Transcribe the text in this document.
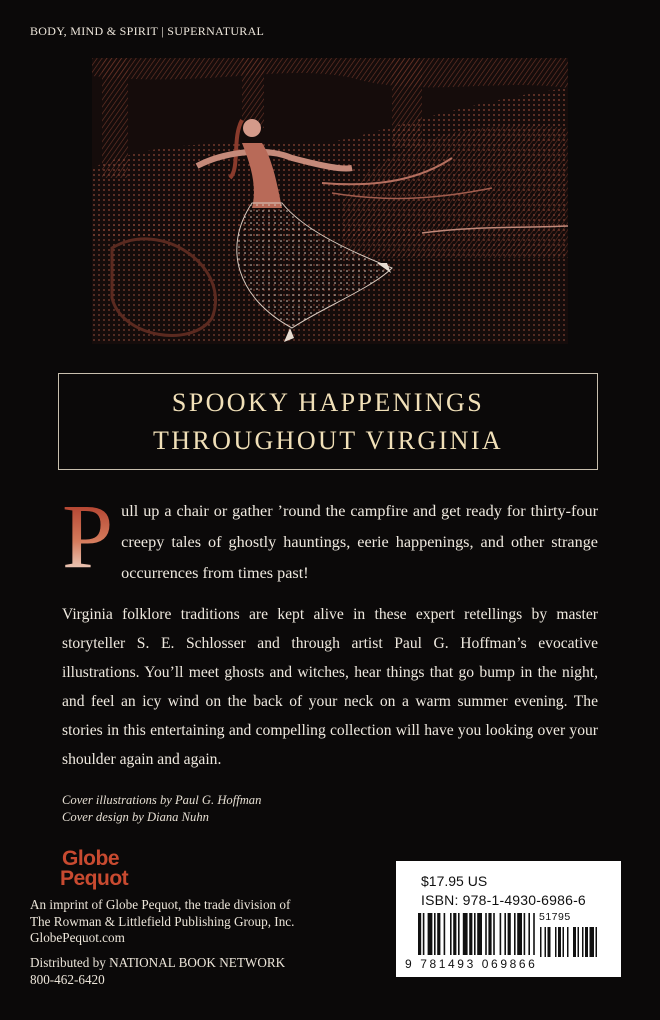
BODY, MIND & SPIRIT | SUPERNATURAL
SPOOKY HAPPENINGS
THROUGHOUT VIRGINIA
P ull up a chair or gather ’round the campfire and get ready for thirty-four creepy tales of ghostly hauntings, eerie happenings, and other strange occurrences from times past!
Virginia folklore traditions are kept alive in these expert retellings by master storyteller S. E. Schlosser and through artist Paul G. Hoffman’s evocative illustrations. You’ll meet ghosts and witches, hear things that go bump in the night, and feel an icy wind on the back of your neck on a warm summer evening. The stories in this entertaining and compelling collection will have you looking over your shoulder again and again.
Cover illustrations by Paul G. Hoffman
Cover design by Diana Nuhn
Globe
Pequot
An imprint of Globe Pequot, the trade division of
The Rowman & Littlefield Publishing Group, Inc.
GlobePequot.com
Distributed by NATIONAL BOOK NETWORK
800-462-6420
$17.95 US
ISBN: 978-1-4930-6986-6
51795
9 781493 069866
